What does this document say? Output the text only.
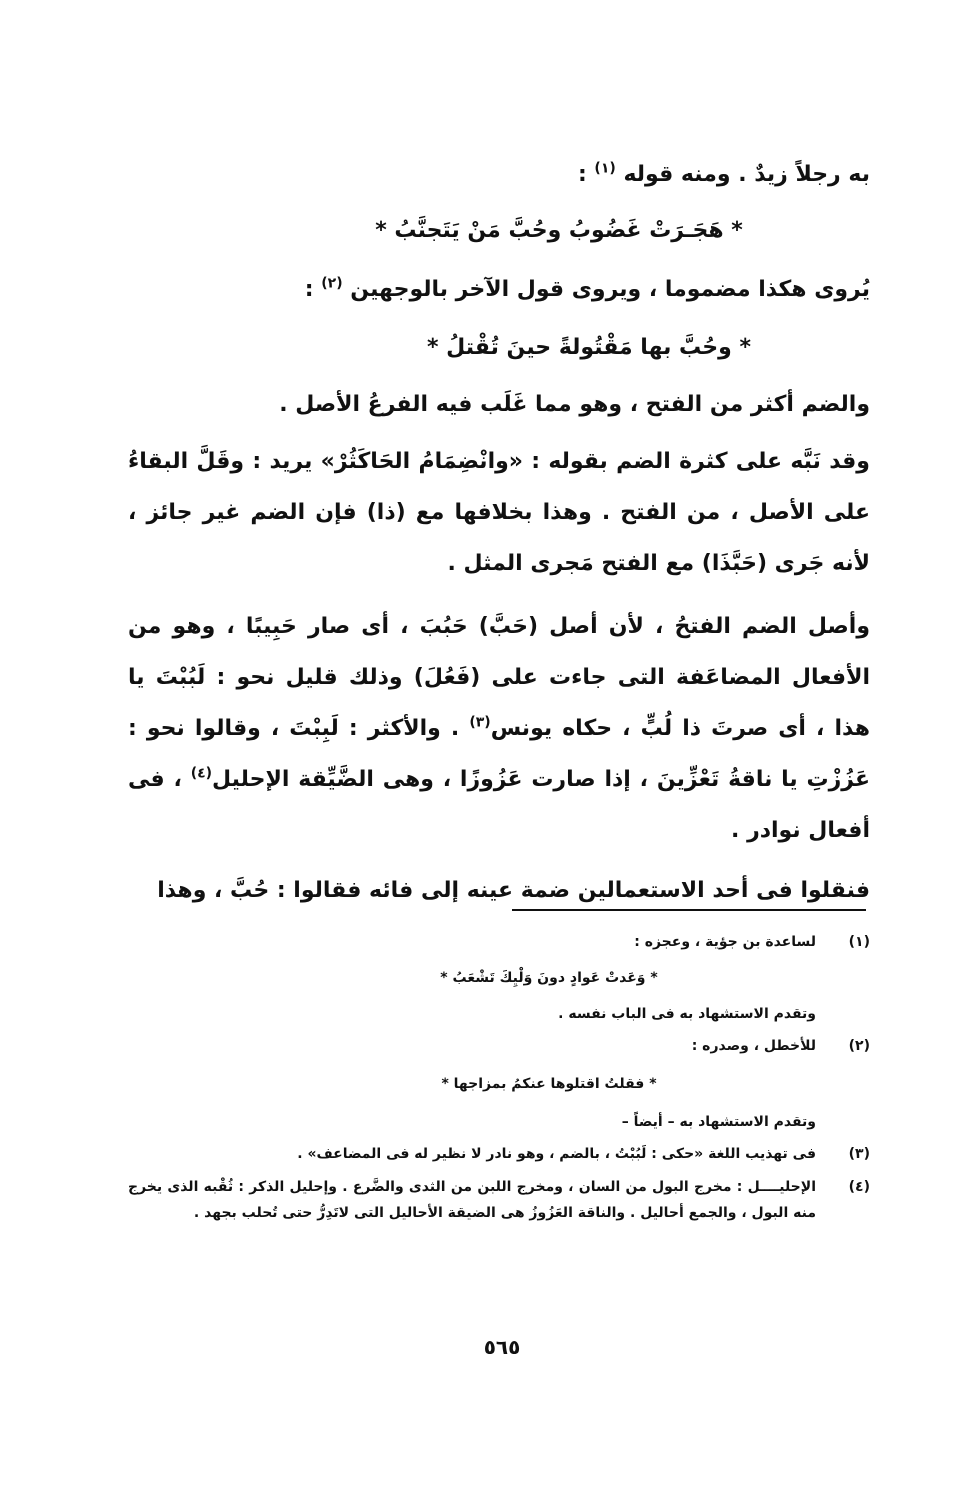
به رجلاً زيدٌ . ومنه قوله $^{(١)}$ :
* هَجَـرَتْ غَضُوبُ وحُبَّ مَنْ يَتَجنَّبُ *
يُروى هكذا مضموما ، ويروى قول الآخر بالوجهين $^{(٢)}$ :
* وحُبَّ بها مَقْتُولةً حينَ تُقْتلُ *
والضم أكثر من الفتح ، وهو مما غَلَب فيه الفرعُ الأصل .
وقد نَبَّه على كثرة الضم بقوله : «وانْضِمَامُ الحَاكَثُرْ» يريد : وقَلَّ البقاءُ على الأصل ، من الفتح . وهذا بخلافها مع (ذا) فإن الضم غير جائز ، لأنه جَرى (حَبَّذَا) مع الفتح مَجرى المثل .
وأصل الضم الفتحُ ، لأن أصل (حَبَّ) حَبُبَ ، أى صار حَبِيبًا ، وهو من الأفعال المضاعَفة التى جاءت على (فَعُلَ) وذلك قليل نحو : لَبُبْتَ يا هذا ، أى صرتَ ذا لُبٍّ ، حكاه يونس$^{(٣)}$ . والأكثر : لَبِبْتَ ، وقالوا نحو : عَزُزْتِ يا ناقةُ تَعْزِّينَ ، إذا صارت عَزُوزًا ، وهى الضَّيِّقة الإحليل$^{(٤)}$ ، فى أفعال نوادر .
فنقلوا فى أحد الاستعمالين ضمة عينه إلى فائه فقالوا : حُبَّ ، وهذا
(١)
لساعدة بن جؤية ، وعجزه :
* وَعَدتْ عَوادٍ دونَ وَلْيِكَ تَشْعَبُ *
وتقدم الاستشهاد به فى الباب نفسه .
(٢)
للأخطل ، وصدره :
* فقلتُ اقتلوها عنكمُ بمزاجها *
وتقدم الاستشهاد به – أيضاً –
(٣)
فى تهذيب اللغة «حكى : لَبُبْتُ ، بالضم ، وهو نادر لا نظير له فى المضاعف» .
(٤)
الإحليــــل : مخرج البول من السان ، ومخرج اللبن من الثدى والضَّرع . وإحليل الذكر : ثُقْبه الذى يخرج منه البول ، والجمع أحاليل . والناقة العَزُوزُ هى الضيقة الأحاليل التى لاتَدِرُّ حتى تُحلب بجهد .
٥٦٥
